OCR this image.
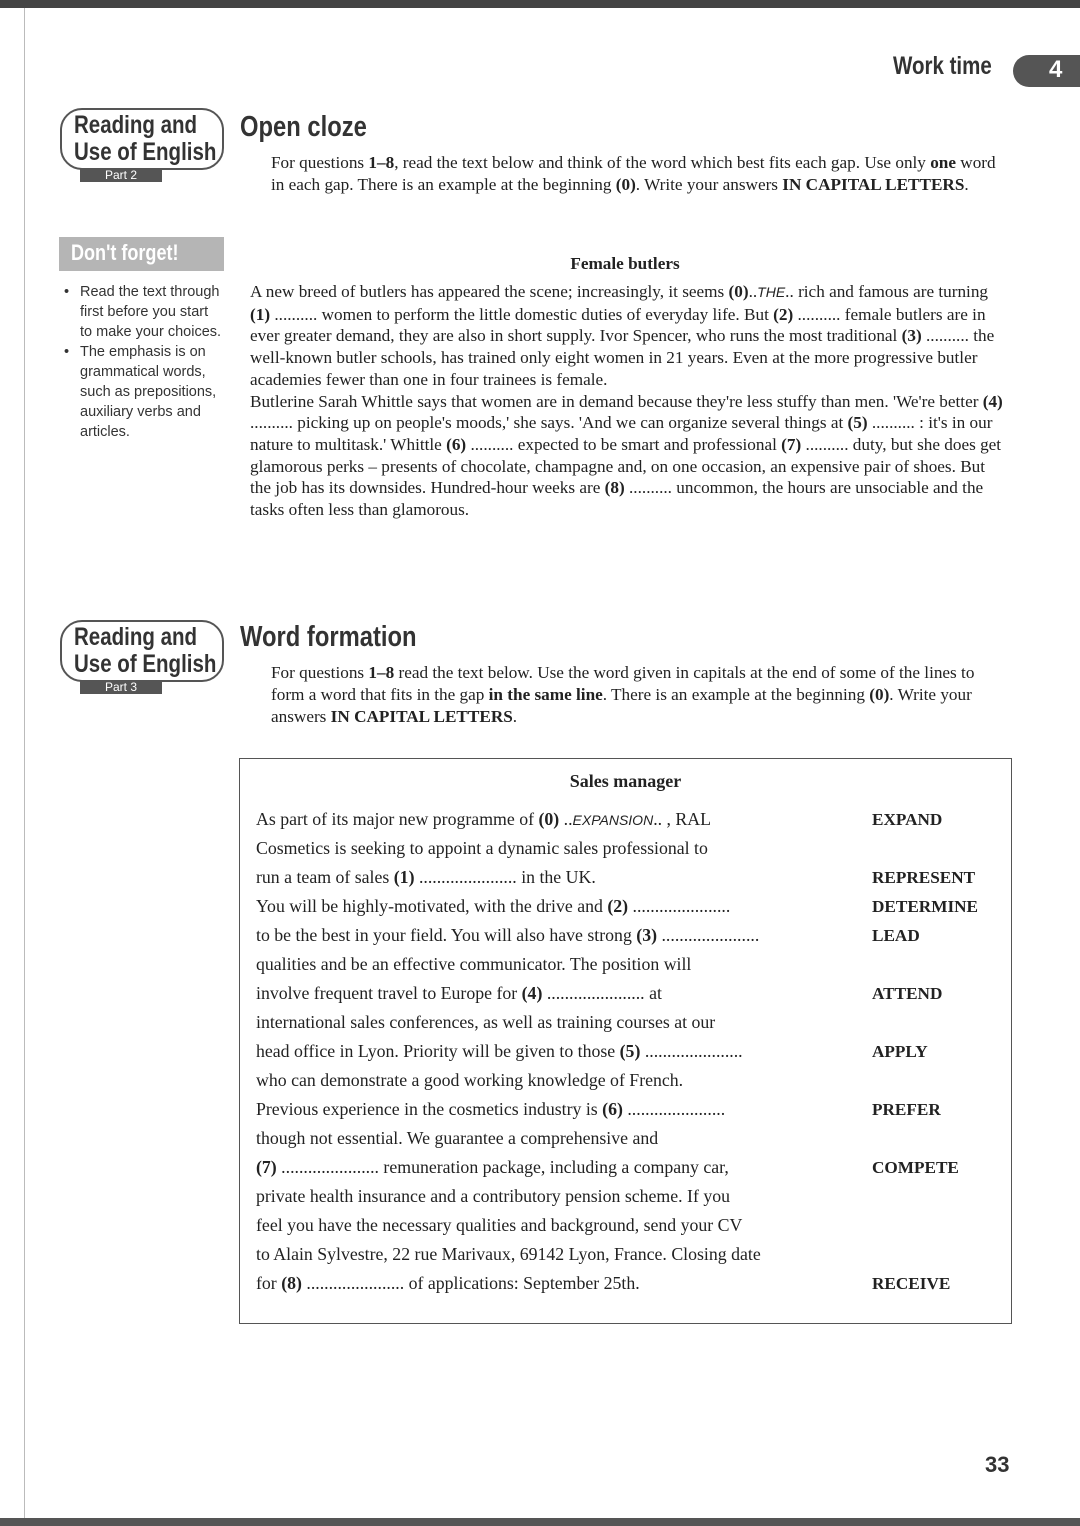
Work time 4
Reading and
Use of English
Part 2
Open cloze
For questions 1–8, read the text below and think of the word which best fits each gap. Use only one word in each gap. There is an example at the beginning (0). Write your answers IN CAPITAL LETTERS.
Don't forget!
• Read the text through first before you start to make your choices.
• The emphasis is on grammatical words, such as prepositions, auxiliary verbs and articles.
Female butlers

A new breed of butlers has appeared the scene; increasingly, it seems (0)..THE.. rich and famous are turning (1) .......... women to perform the little domestic duties of everyday life. But (2) .......... female butlers are in ever greater demand, they are also in short supply. Ivor Spencer, who runs the most traditional (3) .......... the well-known butler schools, has trained only eight women in 21 years. Even at the more progressive butler academies fewer than one in four trainees is female.

Butlerine Sarah Whittle says that women are in demand because they're less stuffy than men. 'We're better (4) .......... picking up on people's moods,' she says. 'And we can organize several things at (5) .......... : it's in our nature to multitask.' Whittle (6) .......... expected to be smart and professional (7) .......... duty, but she does get glamorous perks – presents of chocolate, champagne and, on one occasion, an expensive pair of shoes. But the job has its downsides. Hundred-hour weeks are (8) .......... uncommon, the hours are unsociable and the tasks often less than glamorous.

Reading and
Use of English
Part 3
Word formation
For questions 1–8 read the text below. Use the word given in capitals at the end of some of the lines to form a word that fits in the gap in the same line. There is an example at the beginning (0). Write your answers IN CAPITAL LETTERS.
Sales manager
As part of its major new programme of (0) ..EXPANSION.. , RAL	EXPAND
Cosmetics is seeking to appoint a dynamic sales professional to
run a team of sales (1) ...................... in the UK.	REPRESENT
You will be highly-motivated, with the drive and (2) ......................	DETERMINE
to be the best in your field. You will also have strong (3) ......................	LEAD
qualities and be an effective communicator. The position will
involve frequent travel to Europe for (4) ...................... at	ATTEND
international sales conferences, as well as training courses at our
head office in Lyon. Priority will be given to those (5) ......................	APPLY
who can demonstrate a good working knowledge of French.
Previous experience in the cosmetics industry is (6) ......................	PREFER
though not essential. We guarantee a comprehensive and
(7) ...................... remuneration package, including a company car,	COMPETE
private health insurance and a contributory pension scheme. If you
feel you have the necessary qualities and background, send your CV
to Alain Sylvestre, 22 rue Marivaux, 69142 Lyon, France. Closing date
for (8) ...................... of applications: September 25th.	RECEIVE
33
